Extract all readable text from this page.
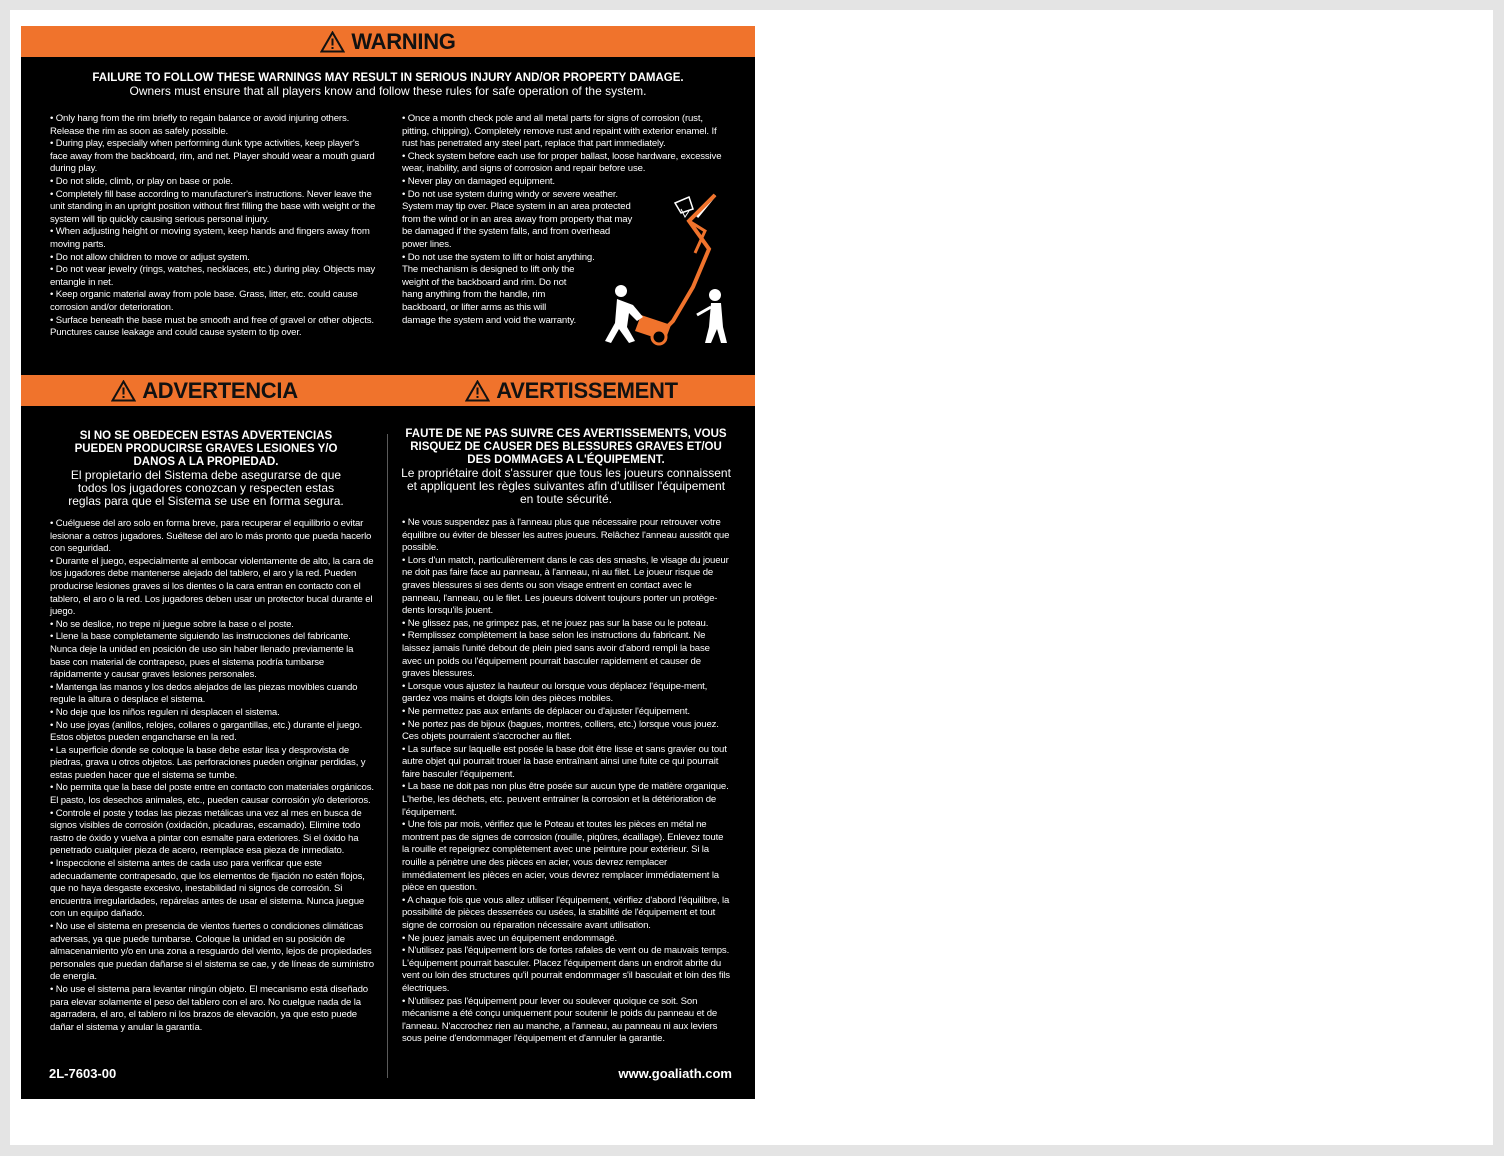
WARNING
FAILURE TO FOLLOW THESE WARNINGS MAY RESULT IN SERIOUS INJURY AND/OR PROPERTY DAMAGE.
Owners must ensure that all players know and follow these rules for safe operation of the system.

• Only hang from the rim briefly to regain balance or avoid injuring others. Release the rim as soon as safely possible.

• During play, especially when performing dunk type activities, keep player's face away from the backboard, rim, and net. Player should wear a mouth guard during play.

• Do not slide, climb, or play on base or pole.

• Completely fill base according to manufacturer's instructions. Never leave the unit standing in an upright position without first filling the base with weight or the system will tip quickly causing serious personal injury.

• When adjusting height or moving system, keep hands and fingers away from moving parts.

• Do not allow children to move or adjust system.

• Do not wear jewelry (rings, watches, necklaces, etc.) during play. Objects may entangle in net.

• Keep organic material away from pole base. Grass, litter, etc. could cause corrosion and/or deterioration.

• Surface beneath the base must be smooth and free of gravel or other objects. Punctures cause leakage and could cause system to tip over.

• Once a month check pole and all metal parts for signs of corrosion (rust, pitting, chipping). Completely remove rust and repaint with exterior enamel. If rust has penetrated any steel part, replace that part immediately.

• Check system before each use for proper ballast, loose hardware, excessive wear, inability, and signs of corrosion and repair before use.

• Never play on damaged equipment.

• Do not use system during windy or severe weather.

System may tip over. Place system in an area protected

from the wind or in an area away from property that may

be damaged if the system falls, and from overhead

power lines.

• Do not use the system to lift or hoist anything.

The mechanism is designed to lift only the

weight of the backboard and rim. Do not

hang anything from the handle, rim

backboard, or lifter arms as this will

damage the system and void the warranty.

ADVERTENCIA	AVERTISSEMENT
SI NO SE OBEDECEN ESTAS ADVERTENCIAS PUEDEN PRODUCIRSE GRAVES LESIONES Y/O DANOS A LA PROPIEDAD.
El propietario del Sistema debe asegurarse de que todos los jugadores conozcan y respecten estas reglas para que el Sistema se use en forma segura.
FAUTE DE NE PAS SUIVRE CES AVERTISSEMENTS, VOUS RISQUEZ DE CAUSER DES BLESSURES GRAVES ET/OU DES DOMMAGES A L'ÉQUIPEMENT.
Le propriétaire doit s'assurer que tous les joueurs connaissent et appliquent les règles suivantes afin d'utiliser l'équipement en toute sécurité.

• Cuélguese del aro solo en forma breve, para recuperar el equilibrio o evitar lesionar a ostros jugadores. Suéltese del aro lo más pronto que pueda hacerlo con seguridad.

• Durante el juego, especialmente al embocar violentamente de alto, la cara de los jugadores debe mantenerse alejado del tablero, el aro y la red. Pueden producirse lesiones graves si los dientes o la cara entran en contacto con el tablero, el aro o la red. Los jugadores deben usar un protector bucal durante el juego.

• No se deslice, no trepe ni juegue sobre la base o el poste.

• Llene la base completamente siguiendo las instrucciones del fabricante. Nunca deje la unidad en posición de uso sin haber llenado previamente la base con material de contrapeso, pues el sistema podría tumbarse rápidamente y causar graves lesiones personales.

• Mantenga las manos y los dedos alejados de las piezas movibles cuando regule la altura o desplace el sistema.

• No deje que los niños regulen ni desplacen el sistema.

• No use joyas (anillos, relojes, collares o gargantillas, etc.) durante el juego. Estos objetos pueden engancharse en la red.

• La superficie donde se coloque la base debe estar lisa y desprovista de piedras, grava u otros objetos. Las perforaciones pueden originar perdidas, y estas pueden hacer que el sistema se tumbe.

• No permita que la base del poste entre en contacto con materiales orgánicos. El pasto, los desechos animales, etc., pueden causar corrosión y/o deterioros.

• Controle el poste y todas las piezas metálicas una vez al mes en busca de signos visibles de corrosión (oxidación, picaduras, escamado). Elimine todo rastro de óxido y vuelva a pintar con esmalte para exteriores. Si el óxido ha penetrado cualquier pieza de acero, reemplace esa pieza de inmediato.

• Inspeccione el sistema antes de cada uso para verificar que este adecuadamente contrapesado, que los elementos de fijación no estén flojos, que no haya desgaste excesivo, inestabilidad ni signos de corrosión. Si encuentra irregularidades, repárelas antes de usar el sistema. Nunca juegue con un equipo dañado.

• No use el sistema en presencia de vientos fuertes o condiciones climáticas adversas, ya que puede tumbarse. Coloque la unidad en su posición de almacenamiento y/o en una zona a resguardo del viento, lejos de propiedades personales que puedan dañarse si el sistema se cae, y de líneas de suministro de energía.

• No use el sistema para levantar ningún objeto. El mecanismo está diseñado para elevar solamente el peso del tablero con el aro. No cuelgue nada de la agarradera, el aro, el tablero ni los brazos de elevación, ya que esto puede dañar el sistema y anular la garantía.

• Ne vous suspendez pas à l'anneau plus que nécessaire pour retrouver votre équilibre ou éviter de blesser les autres joueurs. Relâchez l'anneau aussitôt que possible.

• Lors d'un match, particulièrement dans le cas des smashs, le visage du joueur ne doit pas faire face au panneau, à l'anneau, ni au filet. Le joueur risque de graves blessures si ses dents ou son visage entrent en contact avec le panneau, l'anneau, ou le filet. Les joueurs doivent toujours porter un protège-dents lorsqu'ils jouent.

• Ne glissez pas, ne grimpez pas, et ne jouez pas sur la base ou le poteau.

• Remplissez complètement la base selon les instructions du fabricant. Ne laissez jamais l'unité debout de plein pied sans avoir d'abord rempli la base avec un poids ou l'équipement pourrait basculer rapidement et causer de graves blessures.

• Lorsque vous ajustez la hauteur ou lorsque vous déplacez l'équipe-ment, gardez vos mains et doigts loin des pièces mobiles.

• Ne permettez pas aux enfants de déplacer ou d'ajuster l'équipement.

• Ne portez pas de bijoux (bagues, montres, colliers, etc.) lorsque vous jouez. Ces objets pourraient s'accrocher au filet.

• La surface sur laquelle est posée la base doit être lisse et sans gravier ou tout autre objet qui pourrait trouer la base entraînant ainsi une fuite ce qui pourrait faire basculer l'équipement.

• La base ne doit pas non plus être posée sur aucun type de matière organique. L'herbe, les déchets, etc. peuvent entrainer la corrosion et la détérioration de l'équipement.

• Une fois par mois, vérifiez que le Poteau et toutes les pièces en métal ne montrent pas de signes de corrosion (rouille, piqûres, écaillage). Enlevez toute la rouille et repeignez complètement avec une peinture pour extérieur. Si la rouille a pénètre une des pièces en acier, vous devrez remplacer immédiatement les pièces en acier, vous devrez remplacer immédiatement la pièce en question.

• A chaque fois que vous allez utiliser l'équipement, vérifiez d'abord l'équilibre, la possibilité de pièces desserrées ou usées, la stabilité de l'équipement et tout signe de corrosion ou réparation nécessaire avant utilisation.

• Ne jouez jamais avec un équipement endommagé.

• N'utilisez pas l'équipement lors de fortes rafales de vent ou de mauvais temps. L'équipement pourrait basculer. Placez l'équipement dans un endroit abrite du vent ou loin des structures qu'il pourrait endommager s'il basculait et loin des fils électriques.

• N'utilisez pas l'équipement pour lever ou soulever quoique ce soit. Son mécanisme a été conçu uniquement pour soutenir le poids du panneau et de l'anneau. N'accrochez rien au manche, a l'anneau, au panneau ni aux leviers sous peine d'endommager l'équipement et d'annuler la garantie.

2L-7603-00	www.goaliath.com
